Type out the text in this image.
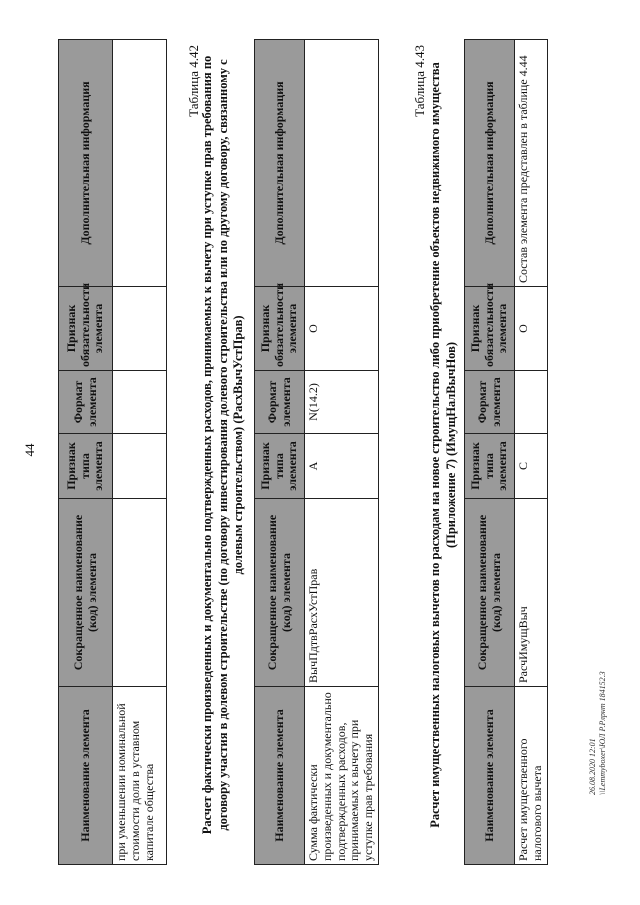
44
Наименование элемента	Сокращенное наименование (код) элемента	Признак типа элемента	Формат элемента	Признак обязательности элемента	Дополнительная информация
при уменьшении номинальной стоимости доли в уставном капитале общества					
Таблица 4.42 Расчет фактически произведенных и документально подтвержденных расходов, принимаемых к вычету при уступке прав требования по договору участия в долевом строительстве (по договору инвестирования долевого строительства или по другому договору, связанному с долевым строительством) (РасхВычУстПрав)
Наименование элемента	Сокращенное наименование (код) элемента	Признак типа элемента	Формат элемента	Признак обязательности элемента	Дополнительная информация
Сумма фактически произведенных и документально подтвержденных расходов, принимаемых к вычету при уступке прав требования	ВычПдтвРасхУстПрав	А	N(14.2)	О	
Таблица 4.43 Расчет имущественных налоговых вычетов по расходам на новое строительство либо приобретение объектов недвижимого имущества (Приложение 7) (ИмущНалВычНов)
Наименование элемента	Сокращенное наименование (код) элемента	Признак типа элемента	Формат элемента	Признак обязательности элемента	Дополнительная информация
Расчет имущественного налогового вычета	РасчИмущВыч	С		О	Состав элемента представлен в таблице 4.44
26.08.2020 12:01 \\Lemmyboxer\ЮЛ Р.Рлрнт 184152.3
